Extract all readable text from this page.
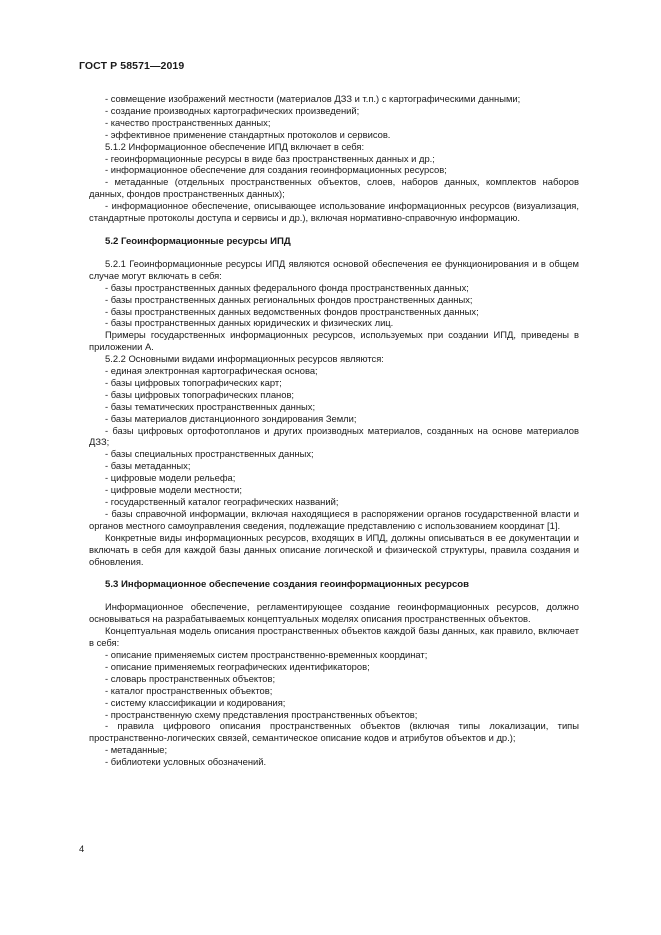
ГОСТ Р 58571—2019

- совмещение изображений местности (материалов ДЗЗ и т.п.) с картографическими данными;

- создание производных картографических произведений;

- качество пространственных данных;

- эффективное применение стандартных протоколов и сервисов.

5.1.2 Информационное обеспечение ИПД включает в себя:

- геоинформационные ресурсы в виде баз пространственных данных и др.;

- информационное обеспечение для создания геоинформационных ресурсов;

- метаданные (отдельных пространственных объектов, слоев, наборов данных, комплектов наборов данных, фондов пространственных данных);

- информационное обеспечение, описывающее использование информационных ресурсов (визуализация, стандартные протоколы доступа и сервисы и др.), включая нормативно-справочную информацию.

5.2 Геоинформационные ресурсы ИПД

5.2.1 Геоинформационные ресурсы ИПД являются основой обеспечения ее функционирования и в общем случае могут включать в себя:

- базы пространственных данных федерального фонда пространственных данных;

- базы пространственных данных региональных фондов пространственных данных;

- базы пространственных данных ведомственных фондов пространственных данных;

- базы пространственных данных юридических и физических лиц.

Примеры государственных информационных ресурсов, используемых при создании ИПД, приведены в приложении А.

5.2.2 Основными видами информационных ресурсов являются:

- единая электронная картографическая основа;

- базы цифровых топографических карт;

- базы цифровых топографических планов;

- базы тематических пространственных данных;

- базы материалов дистанционного зондирования Земли;

- базы цифровых ортофотопланов и других производных материалов, созданных на основе материалов ДЗЗ;

- базы специальных пространственных данных;

- базы метаданных;

- цифровые модели рельефа;

- цифровые модели местности;

- государственный каталог географических названий;

- базы справочной информации, включая находящиеся в распоряжении органов государственной власти и органов местного самоуправления сведения, подлежащие представлению с использованием координат [1].

Конкретные виды информационных ресурсов, входящих в ИПД, должны описываться в ее документации и включать в себя для каждой базы данных описание логической и физической структуры, правила создания и обновления.

5.3 Информационное обеспечение создания геоинформационных ресурсов

Информационное обеспечение, регламентирующее создание геоинформационных ресурсов, должно основываться на разрабатываемых концептуальных моделях описания пространственных объектов.

Концептуальная модель описания пространственных объектов каждой базы данных, как правило, включает в себя:

- описание применяемых систем пространственно-временных координат;

- описание применяемых географических идентификаторов;

- словарь пространственных объектов;

- каталог пространственных объектов;

- систему классификации и кодирования;

- пространственную схему представления пространственных объектов;

- правила цифрового описания пространственных объектов (включая типы локализации, типы пространственно-логических связей, семантическое описание кодов и атрибутов объектов и др.);

- метаданные;

- библиотеки условных обозначений.

4
